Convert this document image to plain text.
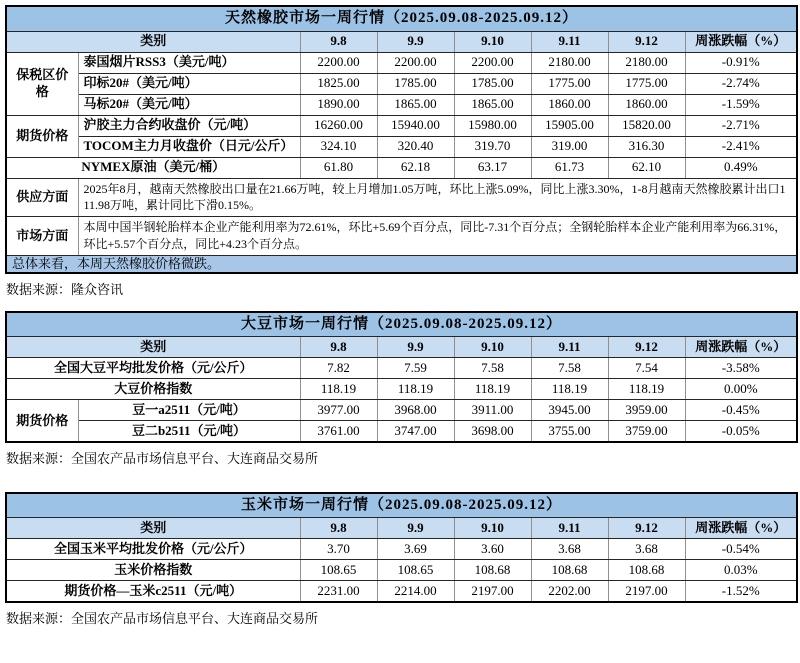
天然橡胶市场一周行情（2025.09.08-2025.09.12）							
类别		9.8	9.9	9.10	9.11	9.12	周涨跌幅（%）
保税区价格	泰国烟片RSS3（美元/吨）	2200.00	2200.00	2200.00	2180.00	2180.00	-0.91%
	印标20#（美元/吨）	1825.00	1785.00	1785.00	1775.00	1775.00	-2.74%
	马标20#（美元/吨）	1890.00	1865.00	1865.00	1860.00	1860.00	-1.59%
期货价格	沪胶主力合约收盘价（元/吨）	16260.00	15940.00	15980.00	15905.00	15820.00	-2.71%
	TOCOM主力月收盘价（日元/公斤）	324.10	320.40	319.70	319.00	316.30	-2.41%
NYMEX原油（美元/桶）		61.80	62.18	63.17	61.73	62.10	0.49%
供应方面	2025年8月，越南天然橡胶出口量在21.66万吨，较上月增加1.05万吨，环比上涨5.09%，同比上涨3.30%，1-8月越南天然橡胶累计出口111.98万吨，累计同比下滑0.15%。						
市场方面	本周中国半钢轮胎样本企业产能利用率为72.61%，环比+5.69个百分点，同比-7.31个百分点；全钢轮胎样本企业产能利用率为66.31%，环比+5.57个百分点，同比+4.23个百分点。						
总体来看，本周天然橡胶价格微跌。							
数据来源：隆众咨讯
大豆市场一周行情（2025.09.08-2025.09.12）							
类别		9.8	9.9	9.10	9.11	9.12	周涨跌幅（%）
全国大豆平均批发价格（元/公斤）		7.82	7.59	7.58	7.58	7.54	-3.58%
大豆价格指数		118.19	118.19	118.19	118.19	118.19	0.00%
期货价格	豆一a2511（元/吨）	3977.00	3968.00	3911.00	3945.00	3959.00	-0.45%
	豆二b2511（元/吨）	3761.00	3747.00	3698.00	3755.00	3759.00	-0.05%
数据来源：全国农产品市场信息平台、大连商品交易所
玉米市场一周行情（2025.09.08-2025.09.12）						
类别	9.8	9.9	9.10	9.11	9.12	周涨跌幅（%）
全国玉米平均批发价格（元/公斤）	3.70	3.69	3.60	3.68	3.68	-0.54%
玉米价格指数	108.65	108.65	108.68	108.68	108.68	0.03%
期货价格—玉米c2511（元/吨）	2231.00	2214.00	2197.00	2202.00	2197.00	-1.52%
数据来源：全国农产品市场信息平台、大连商品交易所
